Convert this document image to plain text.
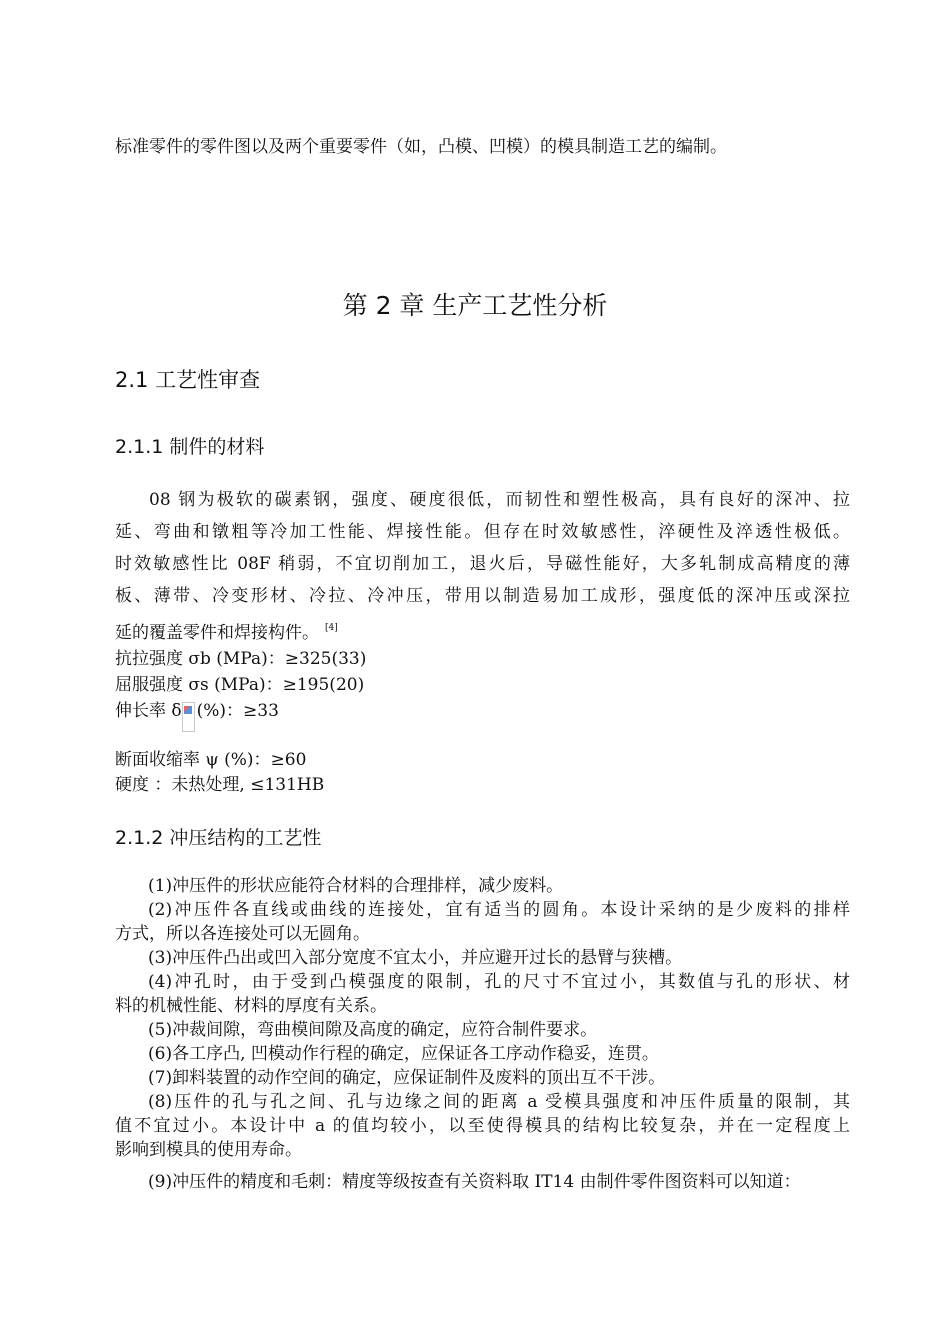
标准零件的零件图以及两个重要零件（如，凸模、凹模）的模具制造工艺的编制。
第 2 章 生产工艺性分析
2.1 工艺性审查
2.1.1 制件的材料
08 钢为极软的碳素钢，强度、硬度很低，而韧性和塑性极高，具有良好的深冲、拉
延、弯曲和镦粗等冷加工性能、焊接性能。但存在时效敏感性，淬硬性及淬透性极低。
时效敏感性比 08F 稍弱，不宜切削加工，退火后，导磁性能好，大多轧制成高精度的薄
板、薄带、冷变形材、冷拉、冷冲压，带用以制造易加工成形，强度低的深冲压或深拉
延的覆盖零件和焊接构件。 [4]
抗拉强度 σb (MPa)：≥325(33)
屈服强度 σs (MPa)：≥195(20)
伸长率 δ (%)：≥33
断面收缩率 ψ (%)：≥60
硬度 ：未热处理, ≤131HB
2.1.2 冲压结构的工艺性

(1)冲压件的形状应能符合材料的合理排样，减少废料。

(2)冲压件各直线或曲线的连接处，宜有适当的圆角。本设计采纳的是少废料的排样
方式，所以各连接处可以无圆角。

(3)冲压件凸出或凹入部分宽度不宜太小，并应避开过长的悬臂与狭槽。

(4)冲孔时，由于受到凸模强度的限制，孔的尺寸不宜过小，其数值与孔的形状、材
料的机械性能、材料的厚度有关系。

(5)冲裁间隙，弯曲模间隙及高度的确定，应符合制件要求。

(6)各工序凸, 凹模动作行程的确定，应保证各工序动作稳妥，连贯。

(7)卸料装置的动作空间的确定，应保证制件及废料的顶出互不干涉。

(8)压件的孔与孔之间、孔与边缘之间的距离 a 受模具强度和冲压件质量的限制，其
值不宜过小。本设计中 a 的值均较小，以至使得模具的结构比较复杂，并在一定程度上
影响到模具的使用寿命。

(9)冲压件的精度和毛刺：精度等级按查有关资料取 IT14 由制件零件图资料可以知道：
